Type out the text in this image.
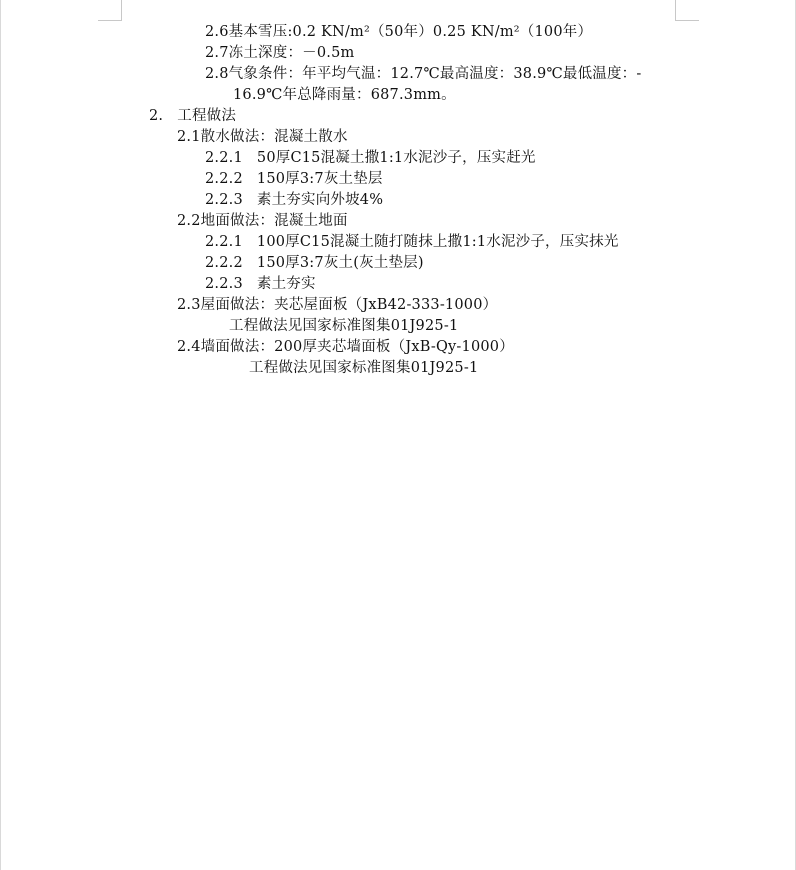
2.6基本雪压:0.2 KN/m²（50年）0.25 KN/m²（100年）
2.7冻土深度：－0.5m
2.8气象条件：年平均气温：12.7℃最高温度：38.9℃最低温度：-
16.9℃年总降雨量：687.3mm。
2. 工程做法
2.1散水做法：混凝土散水
2.2.1 50厚C15混凝土撒1:1水泥沙子，压实赶光
2.2.2 150厚3:7灰土垫层
2.2.3 素土夯实向外坡4%
2.2地面做法：混凝土地面
2.2.1 100厚C15混凝土随打随抹上撒1:1水泥沙子，压实抹光
2.2.2 150厚3:7灰土(灰土垫层)
2.2.3 素土夯实
2.3屋面做法：夹芯屋面板（JxB42-333-1000）
工程做法见国家标准图集01J925-1
2.4墙面做法：200厚夹芯墙面板（JxB-Qy-1000）
工程做法见国家标准图集01J925-1
